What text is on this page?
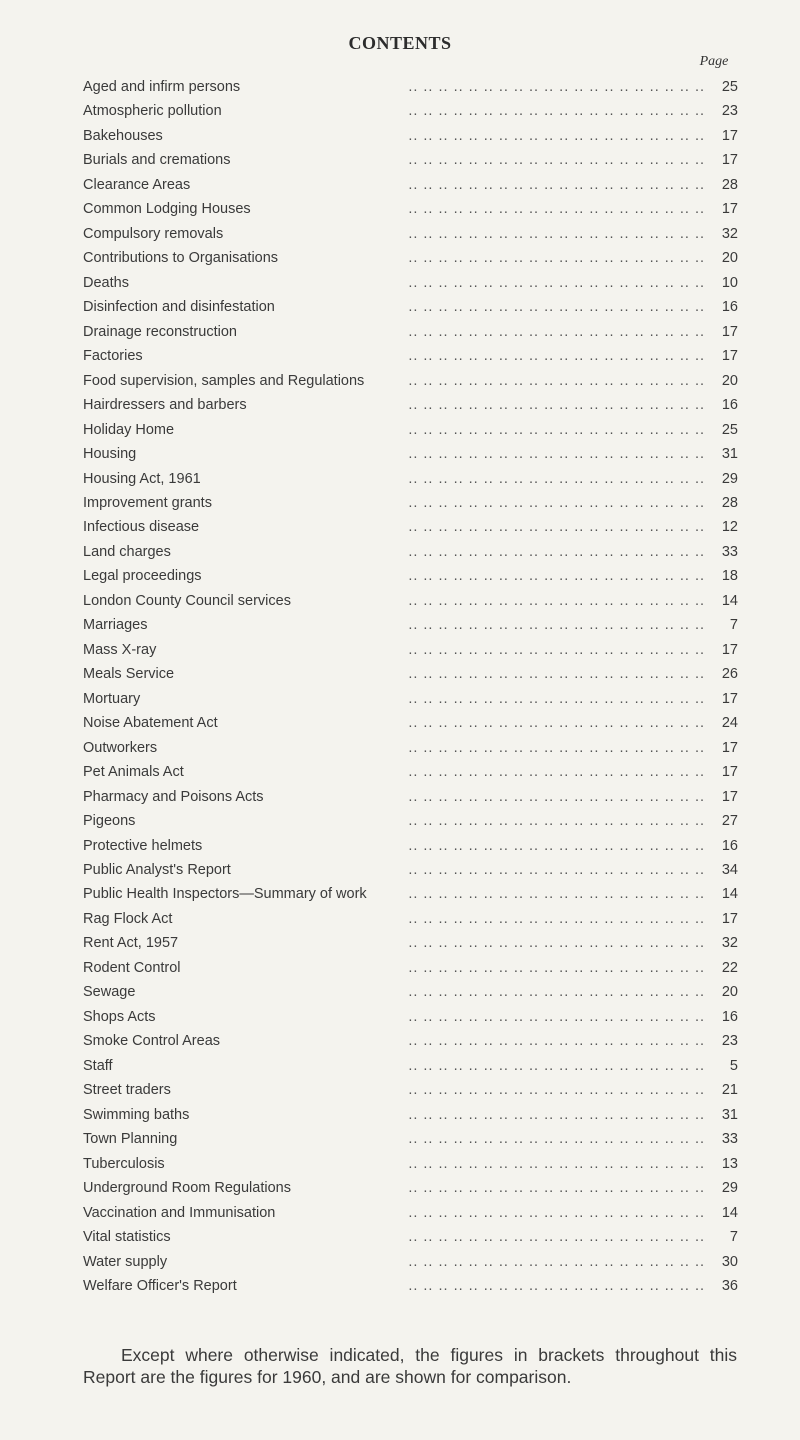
CONTENTS
Page
.. .. .. .. .. .. .. .. .. .. .. .. .. .. .. .. .. .. .. ..
Aged and infirm persons	25
.. .. .. .. .. .. .. .. .. .. .. .. .. .. .. .. .. .. .. ..
Atmospheric pollution	23
.. .. .. .. .. .. .. .. .. .. .. .. .. .. .. .. .. .. .. ..
Bakehouses	17
.. .. .. .. .. .. .. .. .. .. .. .. .. .. .. .. .. .. .. ..
Burials and cremations	17
.. .. .. .. .. .. .. .. .. .. .. .. .. .. .. .. .. .. .. ..
Clearance Areas	28
.. .. .. .. .. .. .. .. .. .. .. .. .. .. .. .. .. .. .. ..
Common Lodging Houses	17
.. .. .. .. .. .. .. .. .. .. .. .. .. .. .. .. .. .. .. ..
Compulsory removals	32
.. .. .. .. .. .. .. .. .. .. .. .. .. .. .. .. .. .. .. ..
Contributions to Organisations	20
.. .. .. .. .. .. .. .. .. .. .. .. .. .. .. .. .. .. .. ..
Deaths	10
.. .. .. .. .. .. .. .. .. .. .. .. .. .. .. .. .. .. .. ..
Disinfection and disinfestation	16
.. .. .. .. .. .. .. .. .. .. .. .. .. .. .. .. .. .. .. ..
Drainage reconstruction	17
.. .. .. .. .. .. .. .. .. .. .. .. .. .. .. .. .. .. .. ..
Factories	17
.. .. .. .. .. .. .. .. .. .. .. .. .. .. .. .. .. .. .. ..
Food supervision, samples and Regulations	20
.. .. .. .. .. .. .. .. .. .. .. .. .. .. .. .. .. .. .. ..
Hairdressers and barbers	16
.. .. .. .. .. .. .. .. .. .. .. .. .. .. .. .. .. .. .. ..
Holiday Home	25
.. .. .. .. .. .. .. .. .. .. .. .. .. .. .. .. .. .. .. ..
Housing	31
.. .. .. .. .. .. .. .. .. .. .. .. .. .. .. .. .. .. .. ..
Housing Act, 1961	29
.. .. .. .. .. .. .. .. .. .. .. .. .. .. .. .. .. .. .. ..
Improvement grants	28
.. .. .. .. .. .. .. .. .. .. .. .. .. .. .. .. .. .. .. ..
Infectious disease	12
.. .. .. .. .. .. .. .. .. .. .. .. .. .. .. .. .. .. .. ..
Land charges	33
.. .. .. .. .. .. .. .. .. .. .. .. .. .. .. .. .. .. .. ..
Legal proceedings	18
.. .. .. .. .. .. .. .. .. .. .. .. .. .. .. .. .. .. .. ..
London County Council services	14
.. .. .. .. .. .. .. .. .. .. .. .. .. .. .. .. .. .. .. ..
Marriages	7
.. .. .. .. .. .. .. .. .. .. .. .. .. .. .. .. .. .. .. ..
Mass X-ray	17
.. .. .. .. .. .. .. .. .. .. .. .. .. .. .. .. .. .. .. ..
Meals Service	26
.. .. .. .. .. .. .. .. .. .. .. .. .. .. .. .. .. .. .. ..
Mortuary	17
.. .. .. .. .. .. .. .. .. .. .. .. .. .. .. .. .. .. .. ..
Noise Abatement Act	24
.. .. .. .. .. .. .. .. .. .. .. .. .. .. .. .. .. .. .. ..
Outworkers	17
.. .. .. .. .. .. .. .. .. .. .. .. .. .. .. .. .. .. .. ..
Pet Animals Act	17
.. .. .. .. .. .. .. .. .. .. .. .. .. .. .. .. .. .. .. ..
Pharmacy and Poisons Acts	17
.. .. .. .. .. .. .. .. .. .. .. .. .. .. .. .. .. .. .. ..
Pigeons	27
.. .. .. .. .. .. .. .. .. .. .. .. .. .. .. .. .. .. .. ..
Protective helmets	16
.. .. .. .. .. .. .. .. .. .. .. .. .. .. .. .. .. .. .. ..
Public Analyst's Report	34
.. .. .. .. .. .. .. .. .. .. .. .. .. .. .. .. .. .. .. ..
Public Health Inspectors—Summary of work	14
.. .. .. .. .. .. .. .. .. .. .. .. .. .. .. .. .. .. .. ..
Rag Flock Act	17
.. .. .. .. .. .. .. .. .. .. .. .. .. .. .. .. .. .. .. ..
Rent Act, 1957	32
.. .. .. .. .. .. .. .. .. .. .. .. .. .. .. .. .. .. .. ..
Rodent Control	22
.. .. .. .. .. .. .. .. .. .. .. .. .. .. .. .. .. .. .. ..
Sewage	20
.. .. .. .. .. .. .. .. .. .. .. .. .. .. .. .. .. .. .. ..
Shops Acts	16
.. .. .. .. .. .. .. .. .. .. .. .. .. .. .. .. .. .. .. ..
Smoke Control Areas	23
.. .. .. .. .. .. .. .. .. .. .. .. .. .. .. .. .. .. .. ..
Staff	5
.. .. .. .. .. .. .. .. .. .. .. .. .. .. .. .. .. .. .. ..
Street traders	21
.. .. .. .. .. .. .. .. .. .. .. .. .. .. .. .. .. .. .. ..
Swimming baths	31
.. .. .. .. .. .. .. .. .. .. .. .. .. .. .. .. .. .. .. ..
Town Planning	33
.. .. .. .. .. .. .. .. .. .. .. .. .. .. .. .. .. .. .. ..
Tuberculosis	13
.. .. .. .. .. .. .. .. .. .. .. .. .. .. .. .. .. .. .. ..
Underground Room Regulations	29
.. .. .. .. .. .. .. .. .. .. .. .. .. .. .. .. .. .. .. ..
Vaccination and Immunisation	14
.. .. .. .. .. .. .. .. .. .. .. .. .. .. .. .. .. .. .. ..
Vital statistics	7
.. .. .. .. .. .. .. .. .. .. .. .. .. .. .. .. .. .. .. ..
Water supply	30
.. .. .. .. .. .. .. .. .. .. .. .. .. .. .. .. .. .. .. ..
Welfare Officer's Report	36

Except where otherwise indicated, the figures in brackets throughout this Report are the figures for 1960, and are shown for comparison.
